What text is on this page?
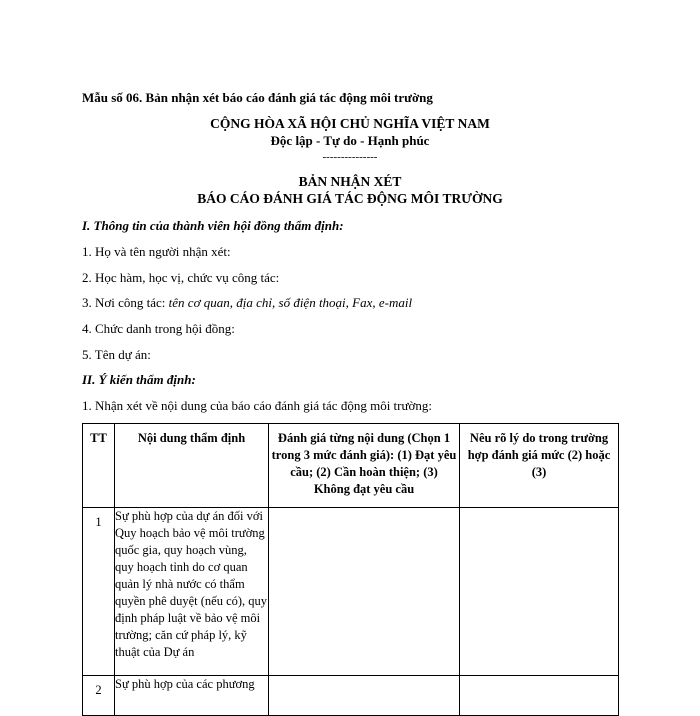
Mẫu số 06. Bản nhận xét báo cáo đánh giá tác động môi trường
CỘNG HÒA XÃ HỘI CHỦ NGHĨA VIỆT NAM
Độc lập - Tự do - Hạnh phúc
---------------
BẢN NHẬN XÉT
BÁO CÁO ĐÁNH GIÁ TÁC ĐỘNG MÔI TRƯỜNG
I. Thông tin của thành viên hội đồng thẩm định:
1. Họ và tên người nhận xét:
2. Học hàm, học vị, chức vụ công tác:
3. Nơi công tác: tên cơ quan, địa chỉ, số điện thoại, Fax, e-mail
4. Chức danh trong hội đồng:
5. Tên dự án:
II. Ý kiến thẩm định:
1. Nhận xét về nội dung của báo cáo đánh giá tác động môi trường:
TT	Nội dung thẩm định	Đánh giá từng nội dung (Chọn 1 trong 3 mức đánh giá): (1) Đạt yêu cầu; (2) Cần hoàn thiện; (3) Không đạt yêu cầu	Nêu rõ lý do trong trường hợp đánh giá mức (2) hoặc (3)
1	Sự phù hợp của dự án đối với Quy hoạch bảo vệ môi trường quốc gia, quy hoạch vùng, quy hoạch tỉnh do cơ quan quản lý nhà nước có thẩm quyền phê duyệt (nếu có), quy định pháp luật về bảo vệ môi trường; căn cứ pháp lý, kỹ thuật của Dự án		
2	Sự phù hợp của các phương		
